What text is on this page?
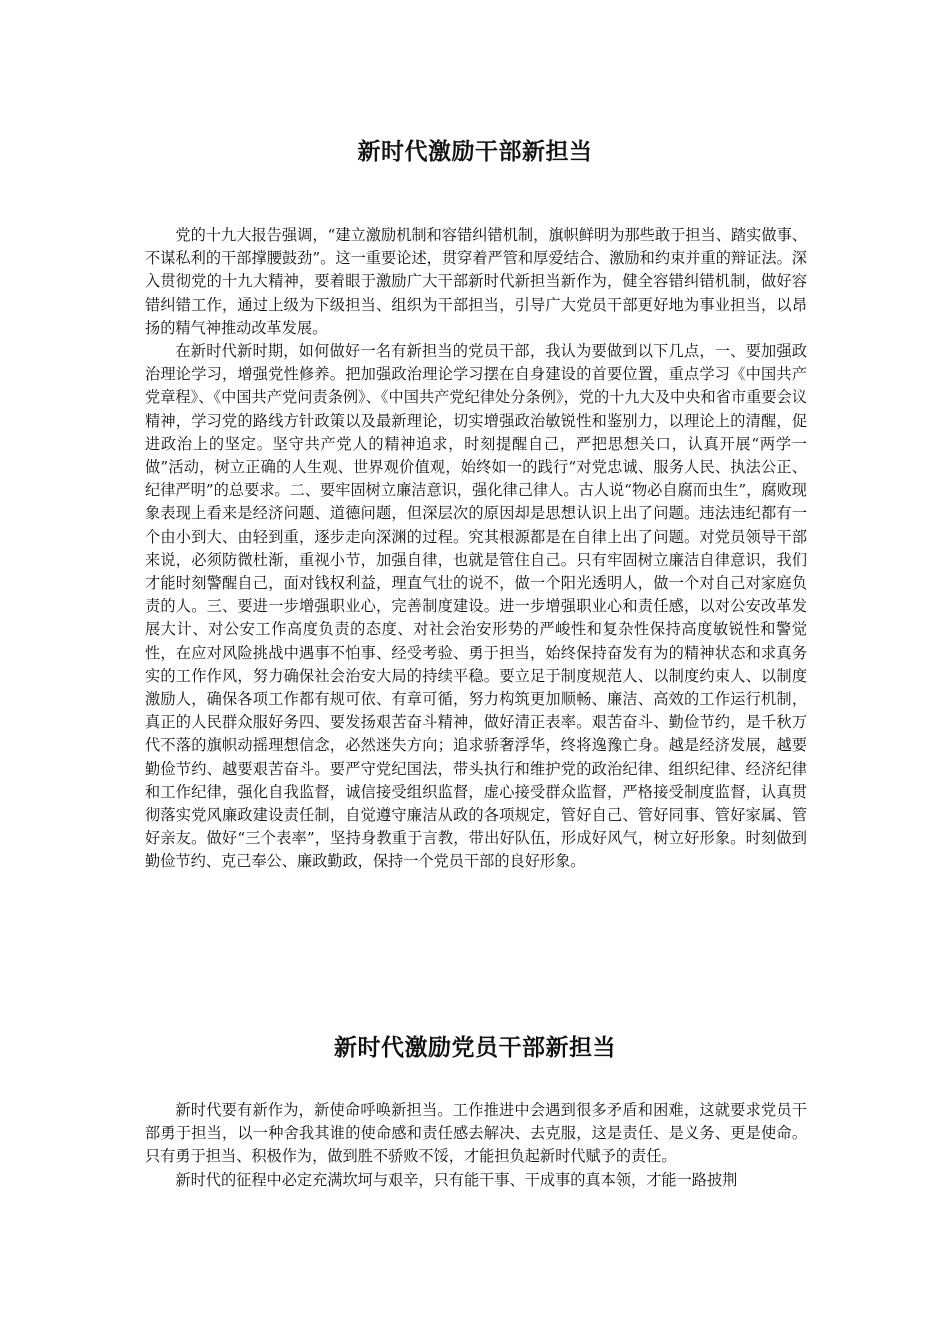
新时代激励干部新担当

党的十九大报告强调，“建立激励机制和容错纠错机制，旗帜鲜明为那些敢于担当、踏实做事、不谋私利的干部撑腰鼓劲”。这一重要论述，贯穿着严管和厚爱结合、激励和约束并重的辩证法。深入贯彻党的十九大精神，要着眼于激励广大干部新时代新担当新作为，健全容错纠错机制，做好容错纠错工作，通过上级为下级担当、组织为干部担当，引导广大党员干部更好地为事业担当，以昂扬的精气神推动改革发展。

在新时代新时期，如何做好一名有新担当的党员干部，我认为要做到以下几点，一、要加强政治理论学习，增强党性修养。把加强政治理论学习摆在自身建设的首要位置，重点学习《中国共产党章程》、《中国共产党问责条例》、《中国共产党纪律处分条例》，党的十九大及中央和省市重要会议精神，学习党的路线方针政策以及最新理论，切实增强政治敏锐性和鉴别力，以理论上的清醒，促进政治上的坚定。坚守共产党人的精神追求，时刻提醒自己，严把思想关口，认真开展“两学一做”活动，树立正确的人生观、世界观价值观，始终如一的践行“对党忠诚、服务人民、执法公正、纪律严明”的总要求。二、要牢固树立廉洁意识，强化律己律人。古人说“物必自腐而虫生”，腐败现象表现上看来是经济问题、道德问题，但深层次的原因却是思想认识上出了问题。违法违纪都有一个由小到大、由轻到重，逐步走向深渊的过程。究其根源都是在自律上出了问题。对党员领导干部来说，必须防微杜渐，重视小节，加强自律，也就是管住自己。只有牢固树立廉洁自律意识，我们才能时刻警醒自己，面对钱权利益，理直气壮的说不，做一个阳光透明人，做一个对自己对家庭负责的人。三、要进一步增强职业心，完善制度建设。进一步增强职业心和责任感，以对公安改革发展大计、对公安工作高度负责的态度、对社会治安形势的严峻性和复杂性保持高度敏锐性和警觉性，在应对风险挑战中遇事不怕事、经受考验、勇于担当，始终保持奋发有为的精神状态和求真务实的工作作风，努力确保社会治安大局的持续平稳。要立足于制度规范人、以制度约束人、以制度激励人，确保各项工作都有规可依、有章可循，努力构筑更加顺畅、廉洁、高效的工作运行机制，真正的人民群众服好务四、要发扬艰苦奋斗精神，做好清正表率。艰苦奋斗、勤俭节约，是千秋万代不落的旗帜动摇理想信念，必然迷失方向；追求骄奢浮华，终将逸豫亡身。越是经济发展，越要勤俭节约、越要艰苦奋斗。要严守党纪国法，带头执行和维护党的政治纪律、组织纪律、经济纪律和工作纪律，强化自我监督，诚信接受组织监督，虚心接受群众监督，严格接受制度监督，认真贯彻落实党风廉政建设责任制，自觉遵守廉洁从政的各项规定，管好自己、管好同事、管好家属、管好亲友。做好“三个表率”，坚持身教重于言教，带出好队伍，形成好风气，树立好形象。时刻做到勤俭节约、克己奉公、廉政勤政，保持一个党员干部的良好形象。

新时代激励党员干部新担当

新时代要有新作为，新使命呼唤新担当。工作推进中会遇到很多矛盾和困难，这就要求党员干部勇于担当，以一种舍我其谁的使命感和责任感去解决、去克服，这是责任、是义务、更是使命。只有勇于担当、积极作为，做到胜不骄败不馁，才能担负起新时代赋予的责任。

新时代的征程中必定充满坎坷与艰辛，只有能干事、干成事的真本领，才能一路披荆
